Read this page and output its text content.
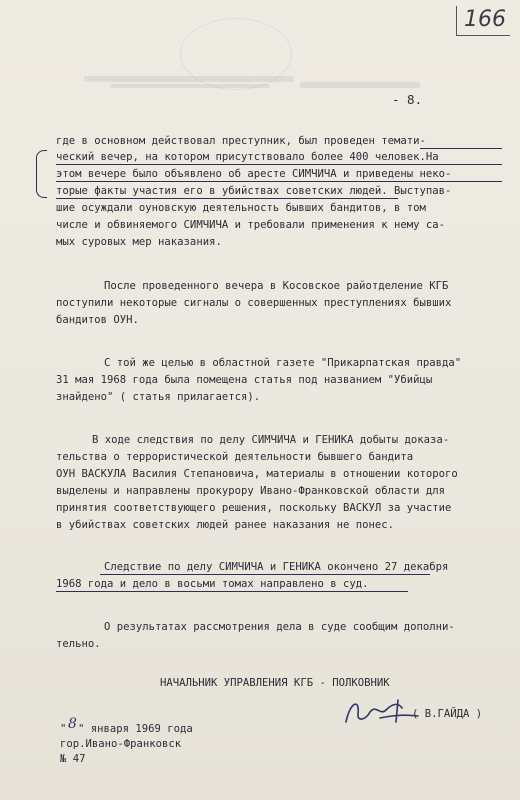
166
- 8.
где в основном действовал преступник, был проведен темати-
ческий вечер, на котором присутствовало более 400 человек.На
этом вечере было объявлено об аресте СИМЧИЧА и приведены неко-
торые факты участия его в убийствах советских людей. Выступав-
шие осуждали оуновскую деятельность бывших бандитов, в том
числе и обвиняемого СИМЧИЧА и требовали применения к нему са-
мых суровых мер наказания.
После проведенного вечера в Косовское райотделение КГБ
поступили некоторые сигналы о совершенных преступлениях бывших
бандитов ОУН.
С той же целью в областной газете "Прикарпатская правда"
31 мая 1968 года была помещена статья под названием "Убийцы
знайдено" ( статья прилагается).
В ходе следствия по делу СИМЧИЧА и ГЕНИКА добыты доказа-
тельства о террористической деятельности бывшего бандита
ОУН ВАСКУЛА Василия Степановича, материалы в отношении которого
выделены и направлены прокурору Ивано-Франковской области для
принятия соответствующего решения, поскольку ВАСКУЛ за участие
в убийствах советских людей ранее наказания не понес.
Следствие по делу СИМЧИЧА и ГЕНИКА окончено 27 декабря
1968 года и дело в восьми томах направлено в суд.
О результатах рассмотрения дела в суде сообщим дополни-
тельно.
НАЧАЛЬНИК УПРАВЛЕНИЯ КГБ - ПОЛКОВНИК
( В.ГАЙДА )
" 8 " января 1969 года
гор.Ивано-Франковск
№ 47
